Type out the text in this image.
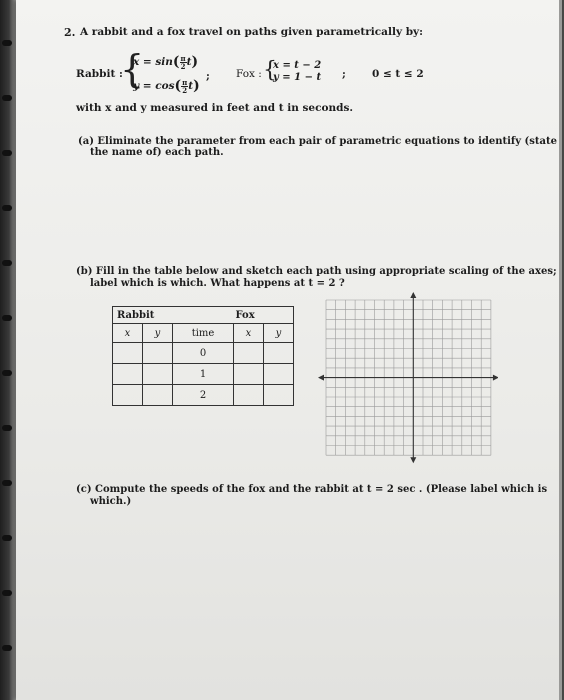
2. A rabbit and a fox travel on paths given parametrically by:
Rabbit :
{
$x = \sin( \frac{\pi}{2} t)$
$y = \cos( \frac{\pi}{2} t)$
; Fox : {
x = t − 2
y = 1 − t ; 0 ≤ t ≤ 2
with x and y measured in feet and t in seconds.
(a) Eliminate the parameter from each pair of parametric equations to identify (state
the name of) each path.
(b) Fill in the table below and sketch each path using appropriate scaling of the axes;
label which is which. What happens at t = 2 ?
Rabbit			Fox	
x	y	time	x	y
		0		
		1		
		2		
(c) Compute the speeds of the fox and the rabbit at t = 2 sec . (Please label which is
which.)
